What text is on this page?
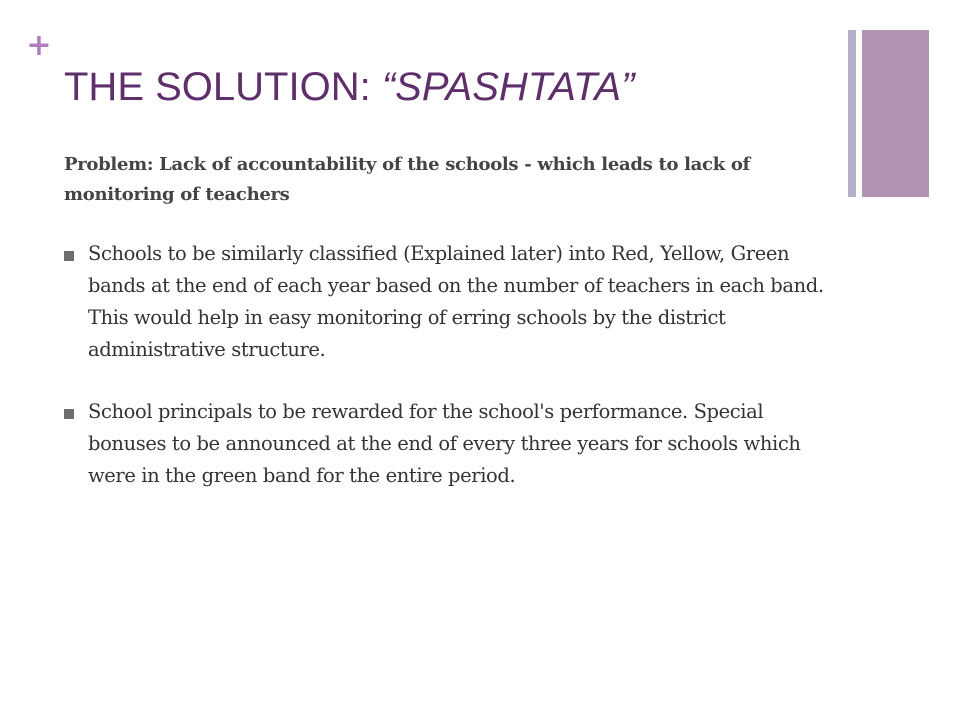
+
THE SOLUTION: “SPASHTATA”

Problem: Lack of accountability of the schools - which leads to lack of monitoring of teachers

Schools to be similarly classified (Explained later) into Red, Yellow, Green bands at the end of each year based on the number of teachers in each band. This would help in easy monitoring of erring schools by the district administrative structure.
School principals to be rewarded for the school's performance. Special bonuses to be announced at the end of every three years for schools which were in the green band for the entire period.
